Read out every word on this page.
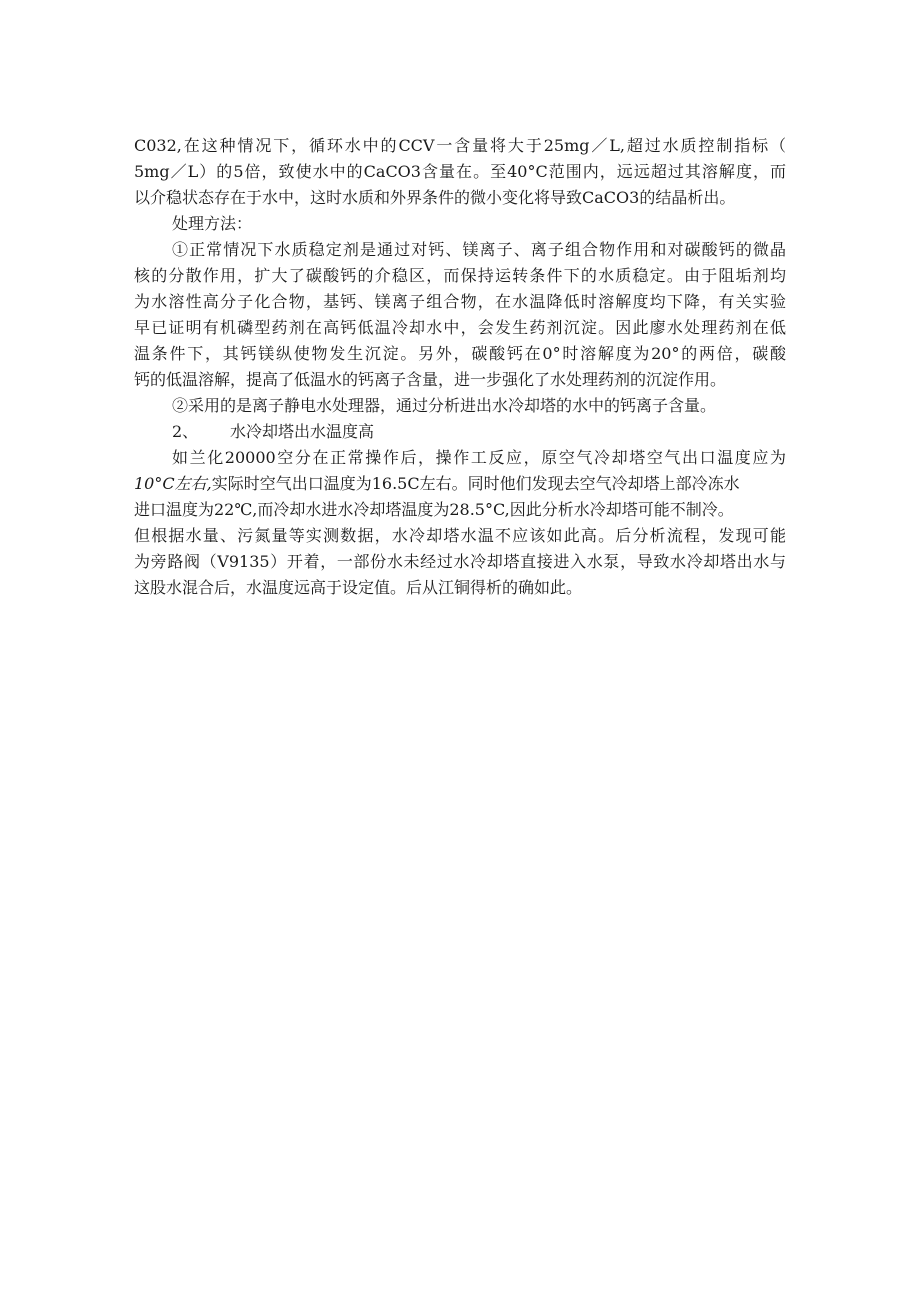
C032,在这种情况下，循环水中的CCV一含量将大于25mg／L,超过水质控制指标（
5mg／L）的5倍，致使水中的CaCO3含量在。至40°C范围内，远远超过其溶解度，而
以介稳状态存在于水中，这时水质和外界条件的微小变化将导致CaCO3的结晶析出。
处理方法：
①正常情况下水质稳定剂是通过对钙、镁离子、离子组合物作用和对碳酸钙的微晶
核的分散作用，扩大了碳酸钙的介稳区，而保持运转条件下的水质稳定。由于阻垢剂均
为水溶性高分子化合物，基钙、镁离子组合物，在水温降低时溶解度均下降，有关实验
早已证明有机磷型药剂在高钙低温冷却水中，会发生药剂沉淀。因此廖水处理药剂在低
温条件下，其钙镁纵使物发生沉淀。另外，碳酸钙在0°时溶解度为20°的两倍，碳酸
钙的低温溶解，提高了低温水的钙离子含量，进一步强化了水处理药剂的沉淀作用。
②采用的是离子静电水处理器，通过分析进出水冷却塔的水中的钙离子含量。
2、 水冷却塔出水温度高
如兰化20000空分在正常操作后，操作工反应，原空气冷却塔空气出口温度应为
10°C左右,实际时空气出口温度为16.5C左右。同时他们发现去空气冷却塔上部冷冻水
进口温度为22℃,而冷却水进水冷却塔温度为28.5°C,因此分析水冷却塔可能不制冷。
但根据水量、污氮量等实测数据，水冷却塔水温不应该如此高。后分析流程，发现可能
为旁路阀（V9135）开着，一部份水未经过水冷却塔直接进入水泵，导致水冷却塔出水与
这股水混合后，水温度远高于设定值。后从江铜得析的确如此。
